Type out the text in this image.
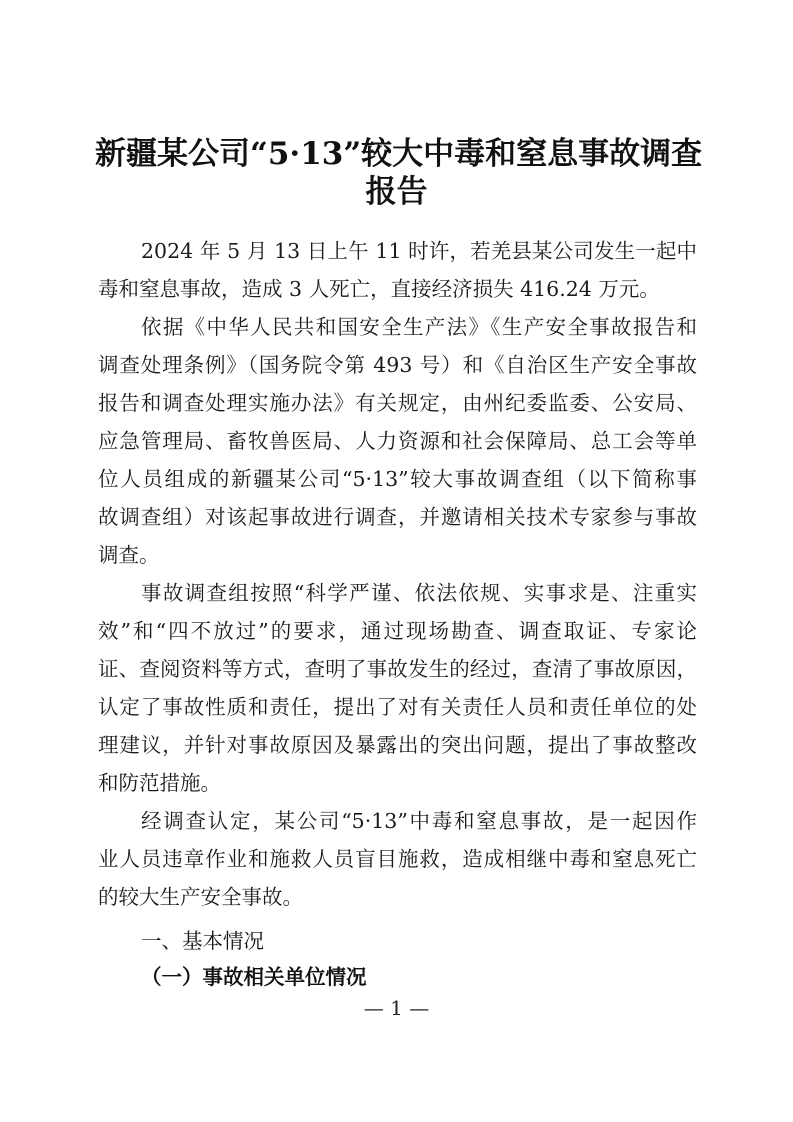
新疆某公司“5·13”较大中毒和窒息事故调查
报告
2024 年 5 月 13 日上午 11 时许，若羌县某公司发生一起中
毒和窒息事故，造成 3 人死亡，直接经济损失 416.24 万元。
依据《中华人民共和国安全生产法》《生产安全事故报告和
调查处理条例》（国务院令第 493 号）和《自治区生产安全事故
报告和调查处理实施办法》有关规定，由州纪委监委、公安局、
应急管理局、畜牧兽医局、人力资源和社会保障局、总工会等单
位人员组成的新疆某公司“5·13”较大事故调查组（以下简称事
故调查组）对该起事故进行调查，并邀请相关技术专家参与事故
调查。
事故调查组按照“科学严谨、依法依规、实事求是、注重实
效”和“四不放过”的要求，通过现场勘查、调查取证、专家论
证、查阅资料等方式，查明了事故发生的经过，查清了事故原因，
认定了事故性质和责任，提出了对有关责任人员和责任单位的处
理建议，并针对事故原因及暴露出的突出问题，提出了事故整改
和防范措施。
经调查认定，某公司“5·13”中毒和窒息事故，是一起因作
业人员违章作业和施救人员盲目施救，造成相继中毒和窒息死亡
的较大生产安全事故。
一、基本情况
（一）事故相关单位情况
— 1 —
